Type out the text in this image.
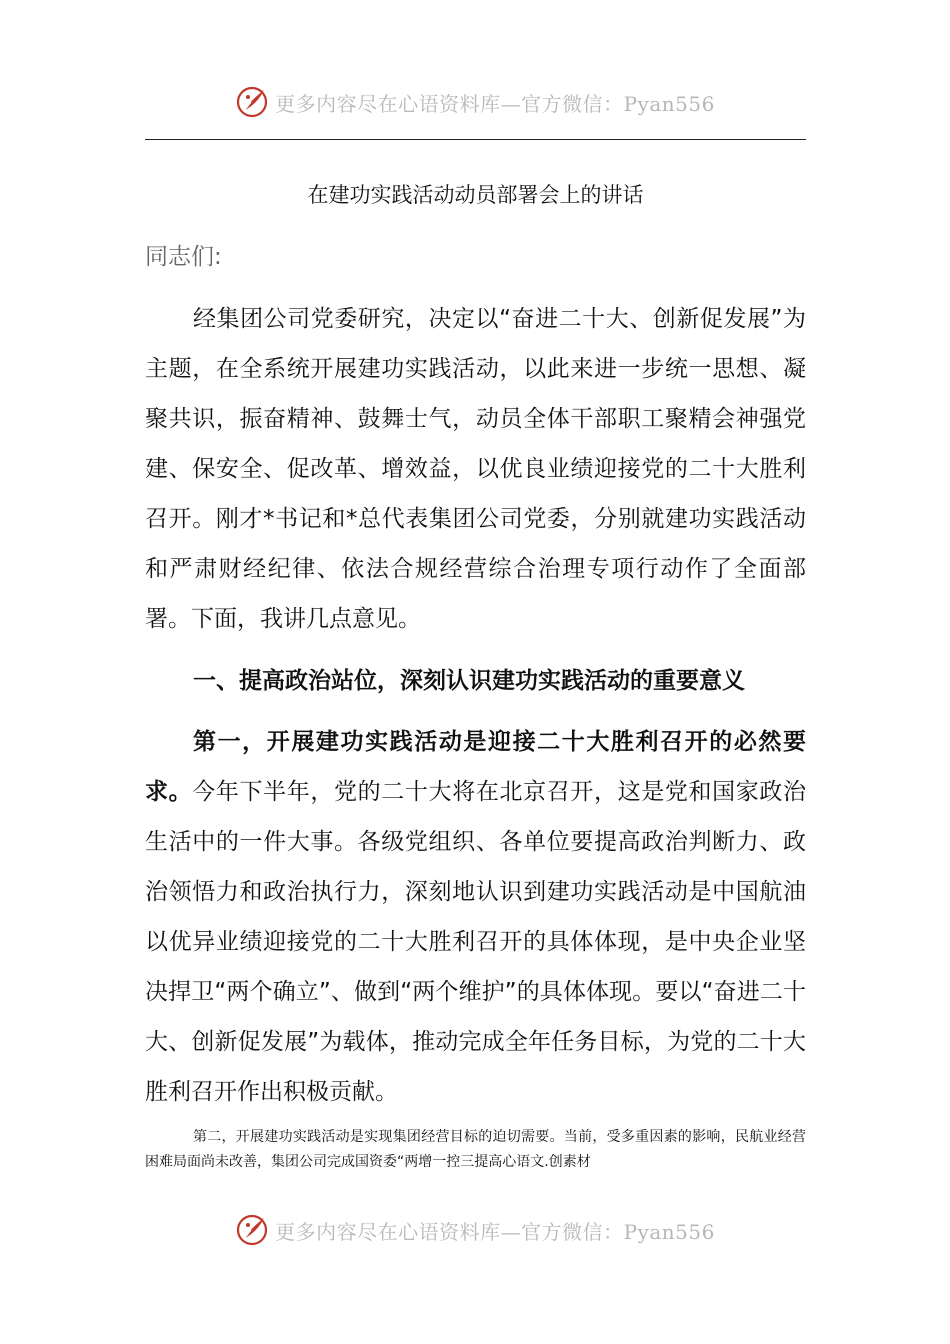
更多内容尽在心语资料库—官方微信：Pyan556
在建功实践活动动员部署会上的讲话
同志们:

经集团公司党委研究，决定以“奋进二十大、创新促发展”为主题，在全系统开展建功实践活动，以此来进一步统一思想、凝聚共识，振奋精神、鼓舞士气，动员全体干部职工聚精会神强党建、保安全、促改革、增效益，以优良业绩迎接党的二十大胜利召开。刚才*书记和*总代表集团公司党委，分别就建功实践活动和严肃财经纪律、依法合规经营综合治理专项行动作了全面部署。下面，我讲几点意见。

一、提高政治站位，深刻认识建功实践活动的重要意义

第一，开展建功实践活动是迎接二十大胜利召开的必然要求。今年下半年，党的二十大将在北京召开，这是党和国家政治生活中的一件大事。各级党组织、各单位要提高政治判断力、政治领悟力和政治执行力，深刻地认识到建功实践活动是中国航油以优异业绩迎接党的二十大胜利召开的具体体现，是中央企业坚决捍卫“两个确立”、做到“两个维护”的具体体现。要以“奋进二十大、创新促发展”为载体，推动完成全年任务目标，为党的二十大胜利召开作出积极贡献。

第二，开展建功实践活动是实现集团经营目标的迫切需要。当前，受多重因素的影响，民航业经营困难局面尚未改善，集团公司完成国资委“两增一控三提高心语文.创素材

更多内容尽在心语资料库—官方微信：Pyan556
